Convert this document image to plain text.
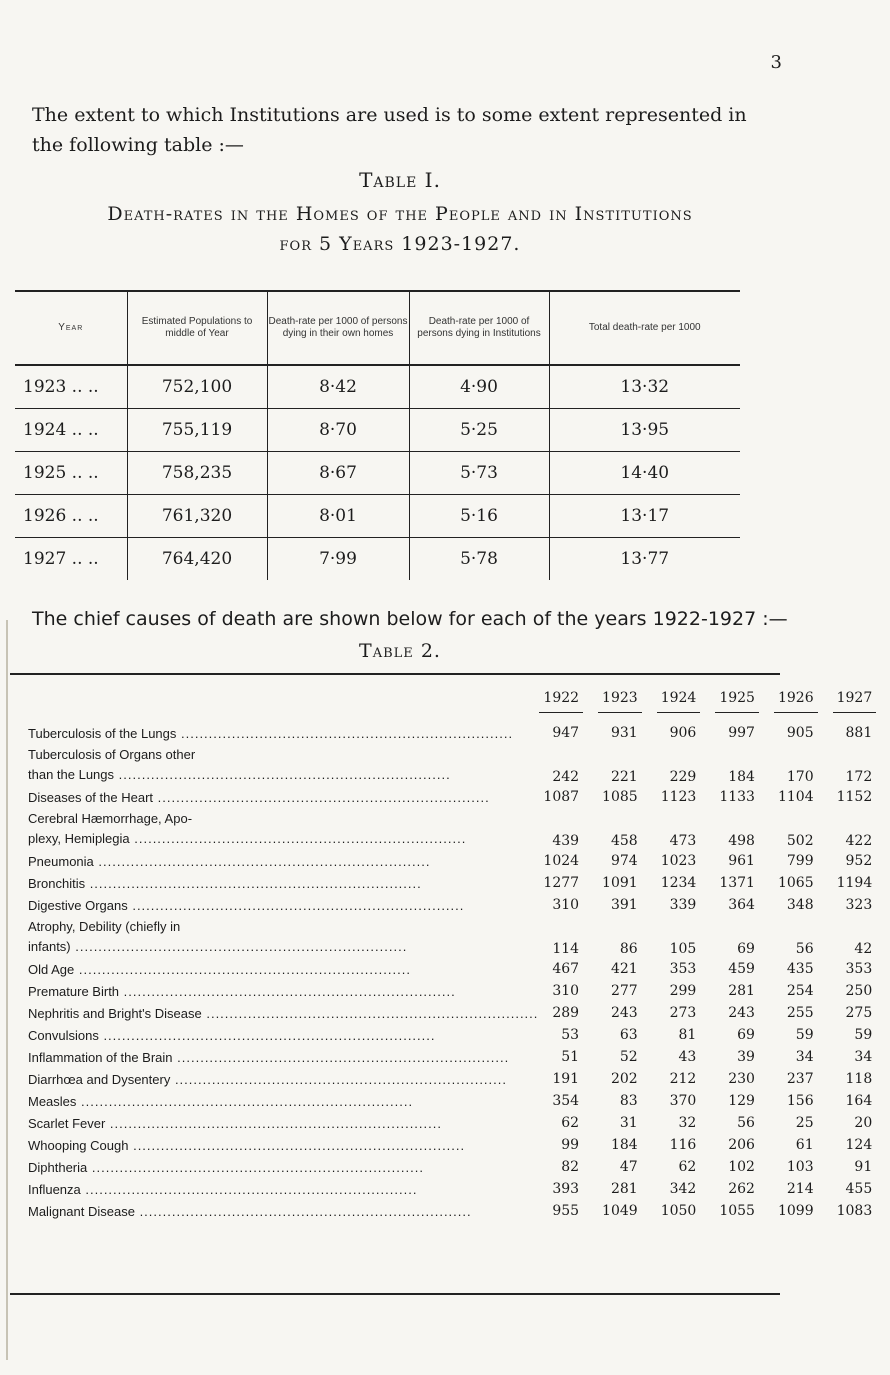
3
The extent to which Institutions are used is to some extent represented in the following table :—
Table I.
Death-rates in the Homes of the People and in Institutions
for 5 Years 1923-1927.
Year	Estimated Populations to middle of Year	Death-rate per 1000 of persons dying in their own homes	Death-rate per 1000 of persons dying in Institutions	Total death-rate per 1000
1923 .. ..	752,100	8·42	4·90	13·32
1924 .. ..	755,119	8·70	5·25	13·95
1925 .. ..	758,235	8·67	5·73	14·40
1926 .. ..	761,320	8·01	5·16	13·17
1927 .. ..	764,420	7·99	5·78	13·77
The chief causes of death are shown below for each of the years 1922-1927 :—
Table 2.
	1922	1923	1924	1925	1926	1927

Tuberculosis of the Lungs .....	947	931	906	997	905	881

Tuberculosis of Organs other
than the Lungs .....	242	221	229	184	170	172

Diseases of the Heart .....	1087	1085	1123	1133	1104	1152

Cerebral Hæmorrhage, Apo-
plexy, Hemiplegia .....	439	458	473	498	502	422

Pneumonia .....	1024	974	1023	961	799	952

Bronchitis .....	1277	1091	1234	1371	1065	1194

Digestive Organs .....	310	391	339	364	348	323

Atrophy, Debility (chiefly in
infants) .....	114	86	105	69	56	42

Old Age .....	467	421	353	459	435	353

Premature Birth .....	310	277	299	281	254	250

Nephritis and Bright's Disease .....	289	243	273	243	255	275

Convulsions .....	53	63	81	69	59	59

Inflammation of the Brain .....	51	52	43	39	34	34

Diarrhœa and Dysentery .....	191	202	212	230	237	118

Measles .....	354	83	370	129	156	164

Scarlet Fever .....	62	31	32	56	25	20

Whooping Cough .....	99	184	116	206	61	124

Diphtheria .....	82	47	62	102	103	91

Influenza .....	393	281	342	262	214	455

Malignant Disease .....	955	1049	1050	1055	1099	1083
